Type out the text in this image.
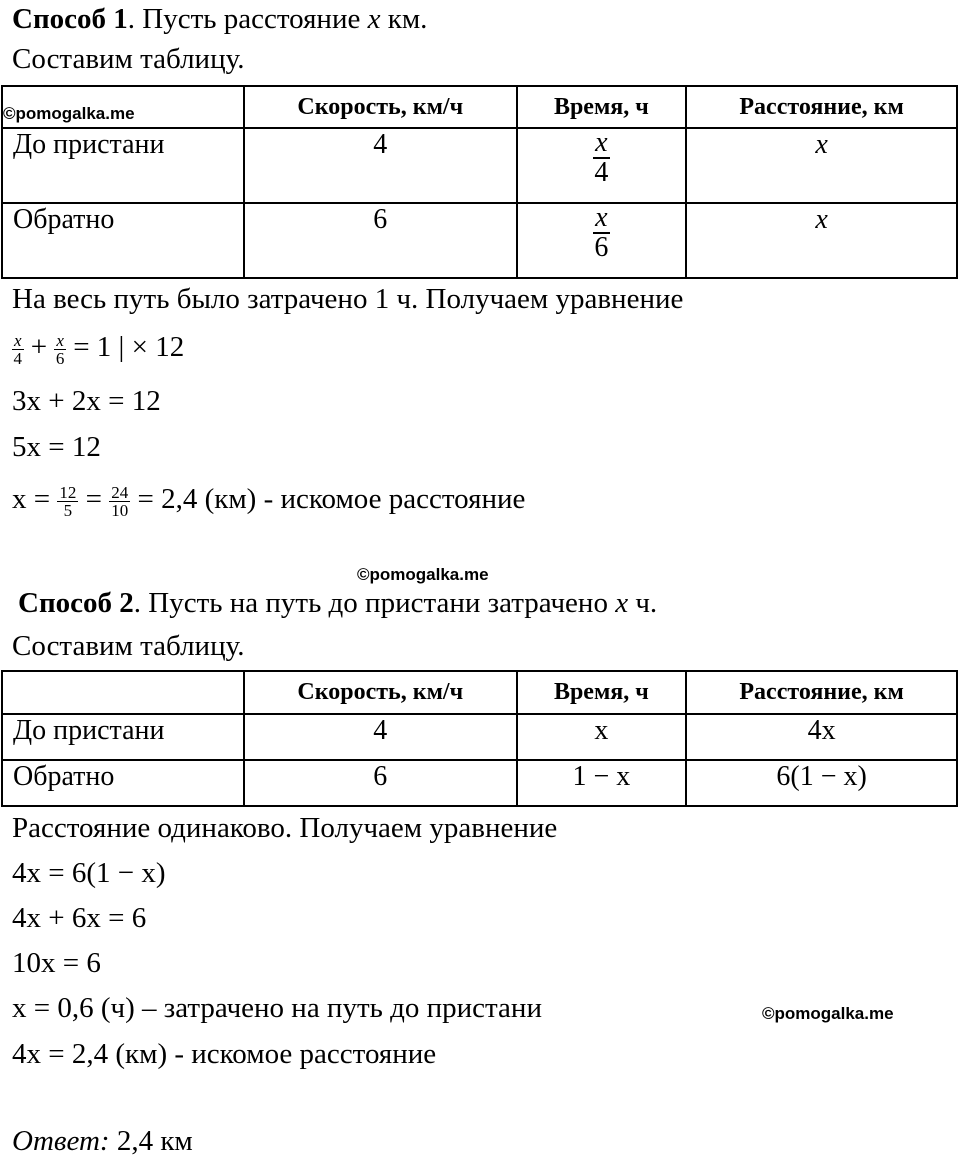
Способ 1. Пусть расстояние x км.
Составим таблицу.
	Скорость, км/ч	Время, ч	Расстояние, км
До пристани	4	$\frac{x}{4}$	x
Обратно	6	$\frac{x}{6}$	x
©pomogalka.me
На весь путь было затрачено 1 ч. Получаем уравнение
$\frac{x}{4} + \frac{x}{6} = 1$ | × 12
3x + 2x = 12
5x = 12
$x = \frac{12}{5} = \frac{24}{10} = 2,4$ (км) - искомое расстояние
©pomogalka.me
Способ 2. Пусть на путь до пристани затрачено x ч.
Составим таблицу.
	Скорость, км/ч	Время, ч	Расстояние, км
До пристани	4	x	4x
Обратно	6	1 − x	6(1 − x)
Расстояние одинаково. Получаем уравнение
4x = 6(1 − x)
4x + 6x = 6
10x = 6
x = 0,6 (ч) – затрачено на путь до пристани	©pomogalka.me
4x = 2,4 (км) - искомое расстояние
Ответ: 2,4 км
